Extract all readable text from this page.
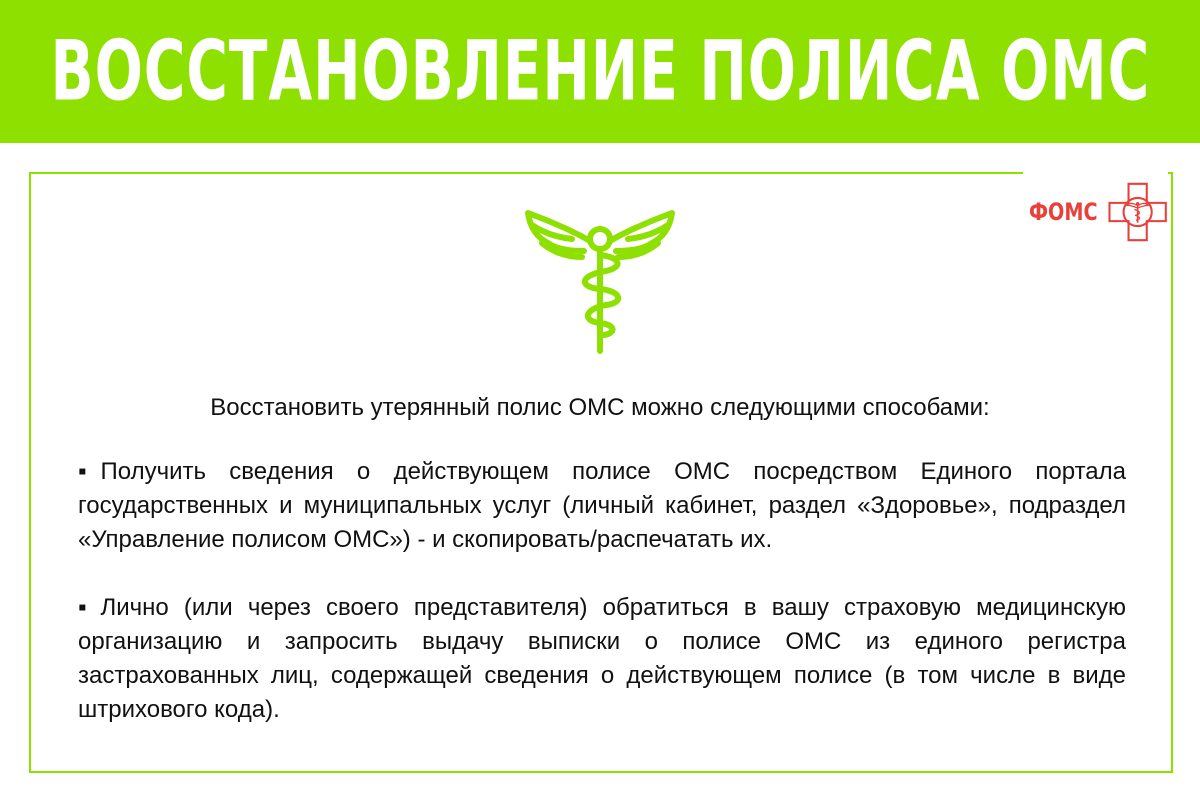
ВОССТАНОВЛЕНИЕ ПОЛИСА ОМС
ФОМС
Восстановить утерянный полис ОМС можно следующими способами:
▪ Получить сведения о действующем полисе ОМС посредством Единого портала государственных и муниципальных услуг (личный кабинет, раздел «Здоровье», подраздел «Управление полисом ОМС») - и скопировать/распечатать их.
▪ Лично (или через своего представителя) обратиться в вашу страховую медицинскую организацию и запросить выдачу выписки о полисе ОМС из единого регистра застрахованных лиц, содержащей сведения о действующем полисе (в том числе в виде штрихового кода).
